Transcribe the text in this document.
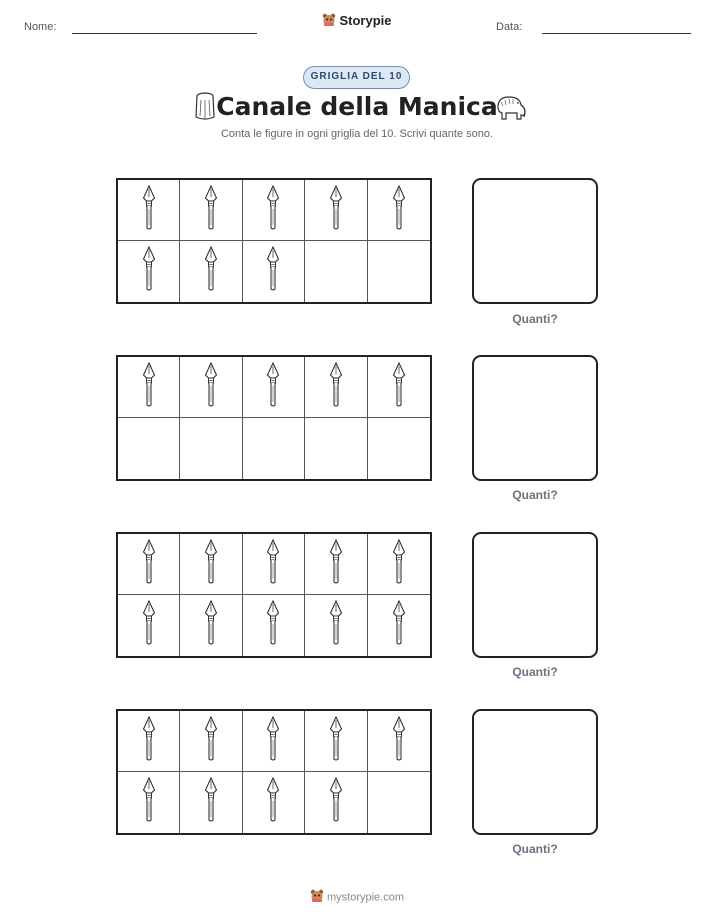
Nome:	Storypie	Data:
GRIGLIA DEL 10
Canale della Manica
Conta le figure in ogni griglia del 10. Scrivi quante sono.
Quanti?
Quanti?
Quanti?
Quanti?
mystorypie.com
